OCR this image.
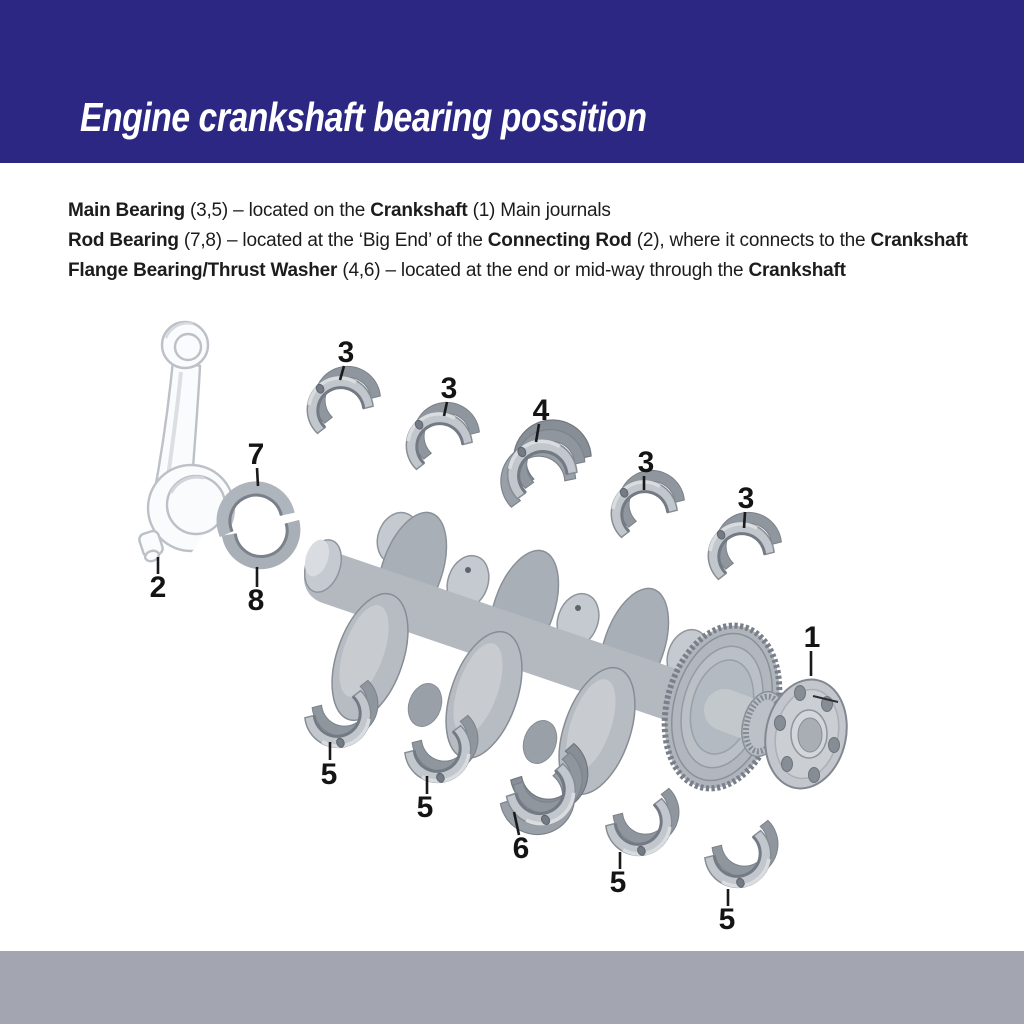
Engine crankshaft bearing possition

Main Bearing (3,5) – located on the Crankshaft (1) Main journals

Rod Bearing (7,8) – located at the ‘Big End’ of the Connecting Rod (2), where it connects to the Crankshaft

Flange Bearing/Thrust Washer (4,6) – located at the end or mid-way through the Crankshaft

3
3
4
3
3
7
2	8
1
5
5
6
5
5
